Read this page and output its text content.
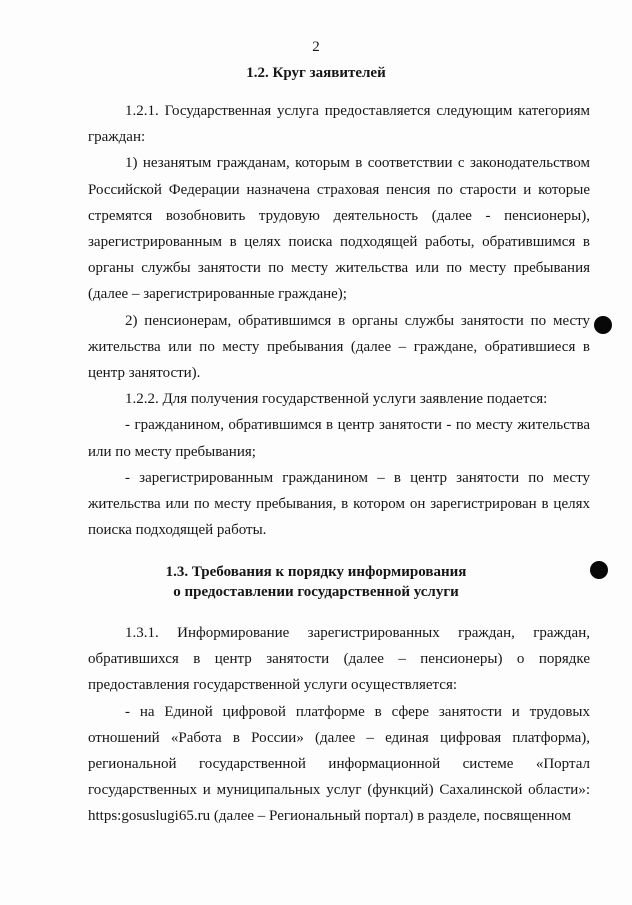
2
1.2. Круг заявителей

1.2.1. Государственная услуга предоставляется следующим категориям граждан:

1) незанятым гражданам, которым в соответствии с законодательством Российской Федерации назначена страховая пенсия по старости и которые стремятся возобновить трудовую деятельность (далее - пенсионеры), зарегистрированным в целях поиска подходящей работы, обратившимся в органы службы занятости по месту жительства или по месту пребывания (далее – зарегистрированные граждане);

2) пенсионерам, обратившимся в органы службы занятости по месту жительства или по месту пребывания (далее – граждане, обратившиеся в центр занятости).

1.2.2. Для получения государственной услуги заявление подается:

- гражданином, обратившимся в центр занятости - по месту жительства или по месту пребывания;

- зарегистрированным гражданином – в центр занятости по месту жительства или по месту пребывания, в котором он зарегистрирован в целях поиска подходящей работы.

1.3. Требования к порядку информирования
о предоставлении государственной услуги

1.3.1. Информирование зарегистрированных граждан, граждан, обратившихся в центр занятости (далее – пенсионеры) о порядке предоставления государственной услуги осуществляется:

- на Единой цифровой платформе в сфере занятости и трудовых отношений «Работа в России» (далее – единая цифровая платформа), региональной государственной информационной системе «Портал государственных и муниципальных услуг (функций) Сахалинской области»: https:gosuslugi65.ru (далее – Региональный портал) в разделе, посвященном
